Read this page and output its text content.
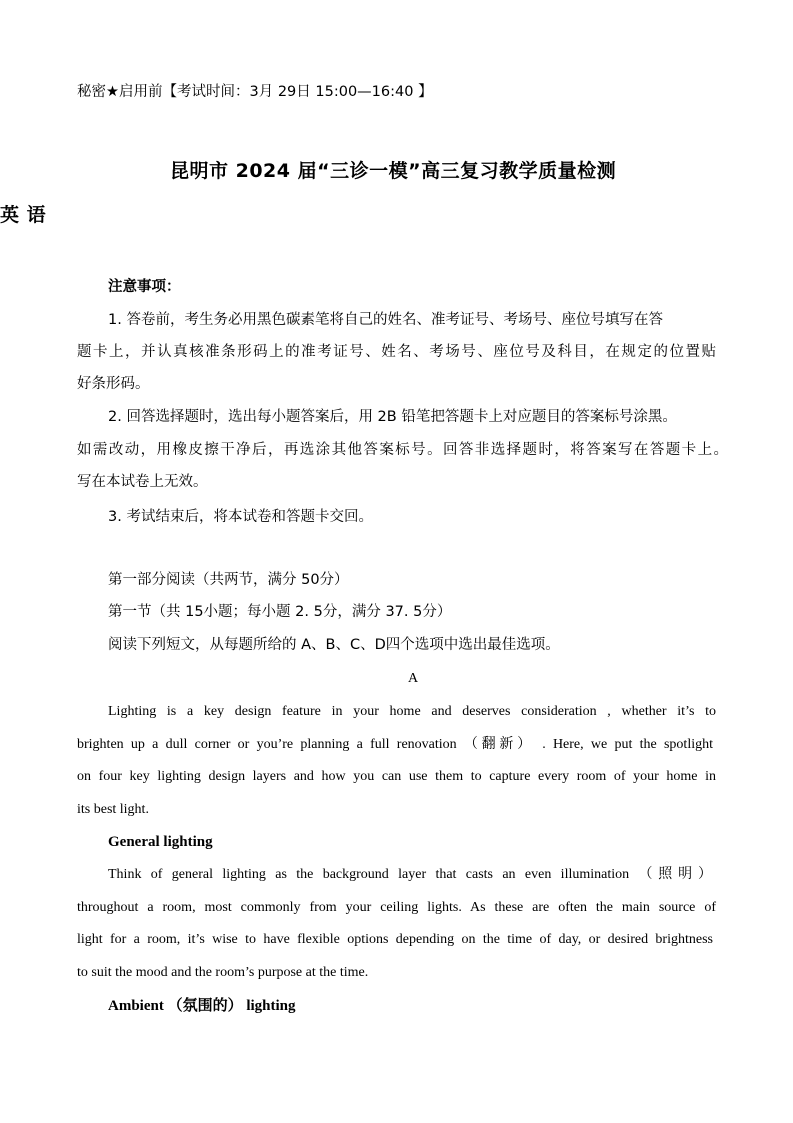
秘密★启用前【考试时间：3月 29日 15:00—16:40 】
昆明市 2024 届“三诊一模”高三复习教学质量检测
英 语
注意事项：
1. 答卷前，考生务必用黑色碳素笔将自己的姓名、准考证号、考场号、座位号填写在答
题卡上，并认真核准条形码上的准考证号、姓名、考场号、座位号及科目，在规定的位置贴
好条形码。
2. 回答选择题时，选出每小题答案后，用 2B 铅笔把答题卡上对应题目的答案标号涂黑。
如需改动，用橡皮擦干净后，再选涂其他答案标号。回答非选择题时，将答案写在答题卡上。
写在本试卷上无效。
3. 考试结束后，将本试卷和答题卡交回。
第一部分阅读（共两节，满分 50分）
第一节（共 15小题；每小题 2. 5分，满分 37. 5分）
阅读下列短文，从每题所给的 A、B、C、D四个选项中选出最佳选项。
A
Lighting is a key design feature in your home and deserves consideration , whether it’s to
brighten up a dull corner or you’re planning a full renovation （翻新） . Here, we put the spotlight
on four key lighting design layers and how you can use them to capture every room of your home in
its best light.
General lighting
Think of general lighting as the background layer that casts an even illumination （照明）
throughout a room, most commonly from your ceiling lights. As these are often the main source of
light for a room, it’s wise to have flexible options depending on the time of day, or desired brightness
to suit the mood and the room’s purpose at the time.
Ambient （氛围的） lighting
